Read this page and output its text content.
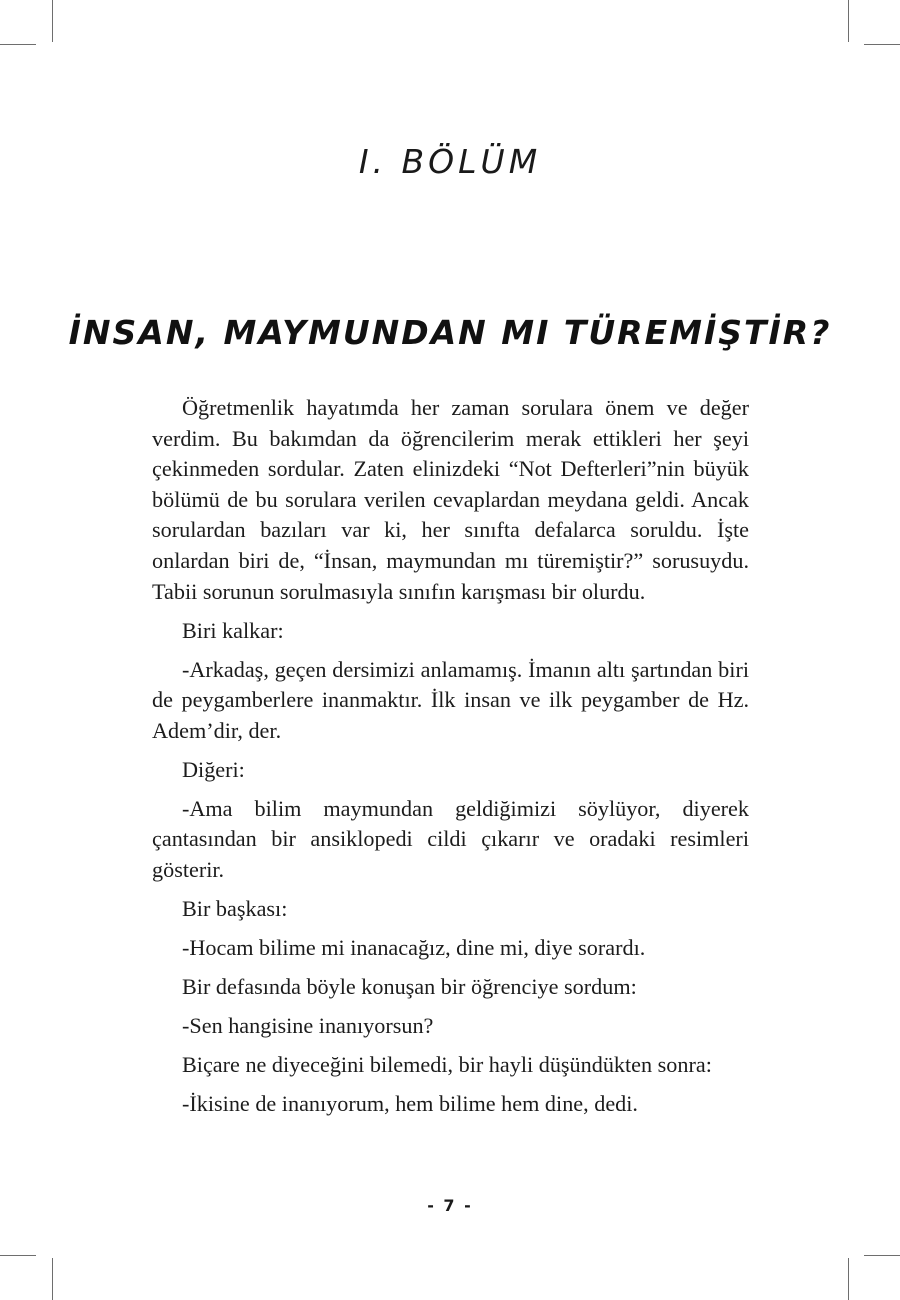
I. BÖLÜM
İNSAN, MAYMUNDAN MI TÜREMİŞTİR?

Öğretmenlik hayatımda her zaman sorulara önem ve değer verdim. Bu bakımdan da öğrencilerim merak ettikleri her şeyi çekinmeden sordular. Zaten elinizdeki “Not Defterleri”nin büyük bölümü de bu sorulara verilen cevaplardan meydana geldi. Ancak sorulardan bazıları var ki, her sınıfta defalarca soruldu. İşte onlardan biri de, “İnsan, maymundan mı türemiştir?” sorusuydu. Tabii sorunun sorulmasıyla sınıfın karışması bir olurdu.

Biri kalkar:

-Arkadaş, geçen dersimizi anlamamış. İmanın altı şartından biri de peygamberlere inanmaktır. İlk insan ve ilk peygamber de Hz. Adem’dir, der.

Diğeri:

-Ama bilim maymundan geldiğimizi söylüyor, diyerek çantasından bir ansiklopedi cildi çıkarır ve oradaki resimleri gösterir.

Bir başkası:

-Hocam bilime mi inanacağız, dine mi, diye sorardı.

Bir defasında böyle konuşan bir öğrenciye sordum:

-Sen hangisine inanıyorsun?

Biçare ne diyeceğini bilemedi, bir hayli düşündükten sonra:

-İkisine de inanıyorum, hem bilime hem dine, dedi.

- 7 -
